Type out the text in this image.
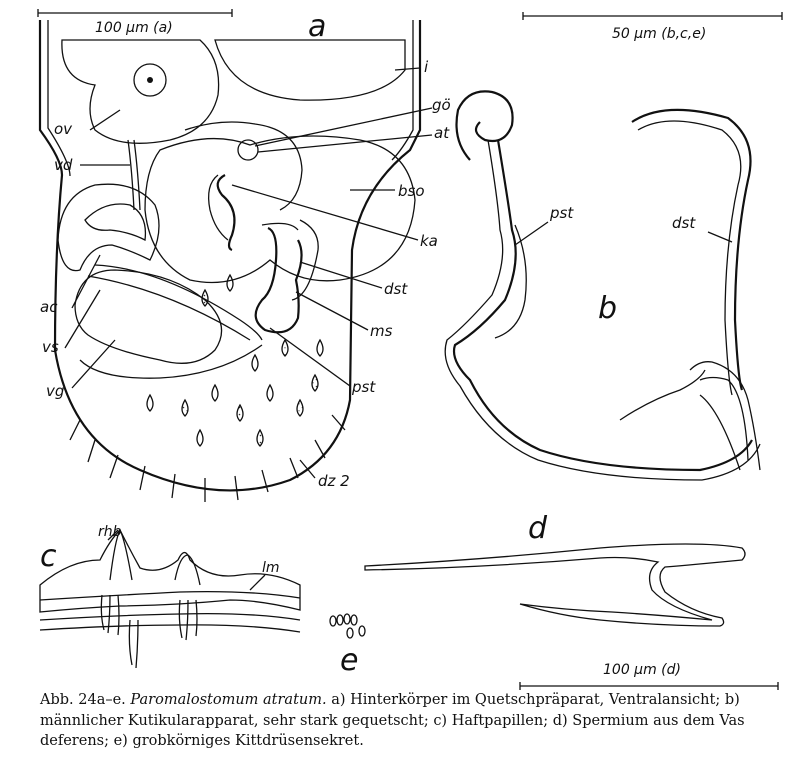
100 µm (a)	50 µm (b,c,e)
100 µm (d)
a
b
c
d
e
i
gö
at
ov
vd
bso
ka
dst
ms
ac
vs
vg	pst
dz 2
pst
dst
rhb
lm
Abb. 24a–e. Paromalostomum atratum. a) Hinterkörper im Quetschpräparat, Ventralansicht; b) männlicher Kutikularapparat, sehr stark gequetscht; c) Haftpapillen; d) Spermium aus dem Vas deferens; e) grobkörniges Kittdrüsensekret.
